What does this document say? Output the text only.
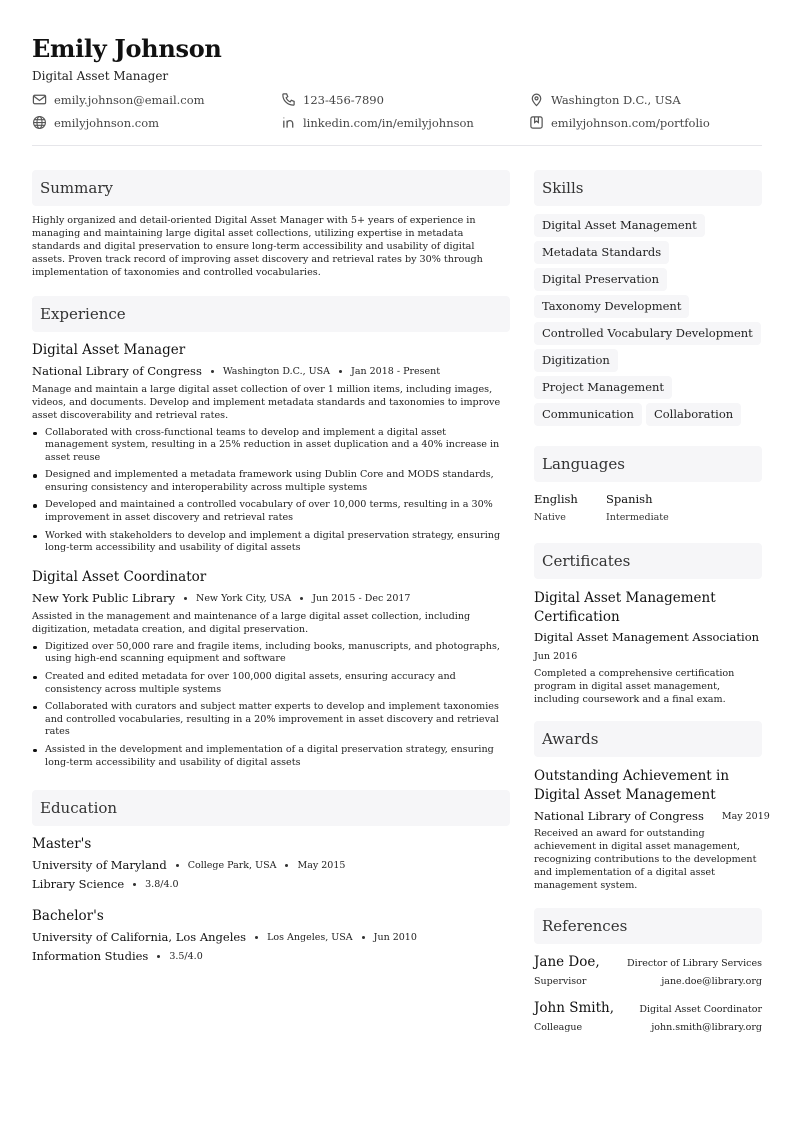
Emily Johnson
Digital Asset Manager
emily.johnson@email.com	123-456-7890	Washington D.C., USA
emilyjohnson.com	linkedin.com/in/emilyjohnson	emilyjohnson.com/portfolio
Summary
Highly organized and detail-oriented Digital Asset Manager with 5+ years of experience in managing and maintaining large digital asset collections, utilizing expertise in metadata standards and digital preservation to ensure long-term accessibility and usability of digital assets. Proven track record of improving asset discovery and retrieval rates by 30% through implementation of taxonomies and controlled vocabularies.
Experience
Digital Asset Manager
National Library of Congress Washington D.C., USA Jan 2018 - Present
Manage and maintain a large digital asset collection of over 1 million items, including images, videos, and documents. Develop and implement metadata standards and taxonomies to improve asset discoverability and retrieval rates.
Collaborated with cross-functional teams to develop and implement a digital asset management system, resulting in a 25% reduction in asset duplication and a 40% increase in asset reuse
Designed and implemented a metadata framework using Dublin Core and MODS standards, ensuring consistency and interoperability across multiple systems
Developed and maintained a controlled vocabulary of over 10,000 terms, resulting in a 30% improvement in asset discovery and retrieval rates
Worked with stakeholders to develop and implement a digital preservation strategy, ensuring long-term accessibility and usability of digital assets
Digital Asset Coordinator
New York Public Library New York City, USA Jun 2015 - Dec 2017
Assisted in the management and maintenance of a large digital asset collection, including digitization, metadata creation, and digital preservation.
Digitized over 50,000 rare and fragile items, including books, manuscripts, and photographs, using high-end scanning equipment and software
Created and edited metadata for over 100,000 digital assets, ensuring accuracy and consistency across multiple systems
Collaborated with curators and subject matter experts to develop and implement taxonomies and controlled vocabularies, resulting in a 20% improvement in asset discovery and retrieval rates
Assisted in the development and implementation of a digital preservation strategy, ensuring long-term accessibility and usability of digital assets
Education
Master's
University of Maryland College Park, USA May 2015
Library Science 3.8/4.0
Bachelor's
University of California, Los Angeles Los Angeles, USA Jun 2010
Information Studies 3.5/4.0
Skills
Digital Asset Management
Metadata Standards
Digital Preservation
Taxonomy Development
Controlled Vocabulary Development
DigitizationProject Management
Communication Collaboration
Languages
English
Native
Spanish
Intermediate
Certificates
Digital Asset Management Certification
Digital Asset Management Association
Jun 2016
Completed a comprehensive certification program in digital asset management, including coursework and a final exam.
Awards
Outstanding Achievement in Digital Asset Management
National Library of Congress May 2019
Received an award for outstanding achievement in digital asset management, recognizing contributions to the development and implementation of a digital asset management system.
References
Jane Doe,	Director of Library Services
Supervisor	jane.doe@library.org
John Smith,	Digital Asset Coordinator
Colleague	john.smith@library.org
